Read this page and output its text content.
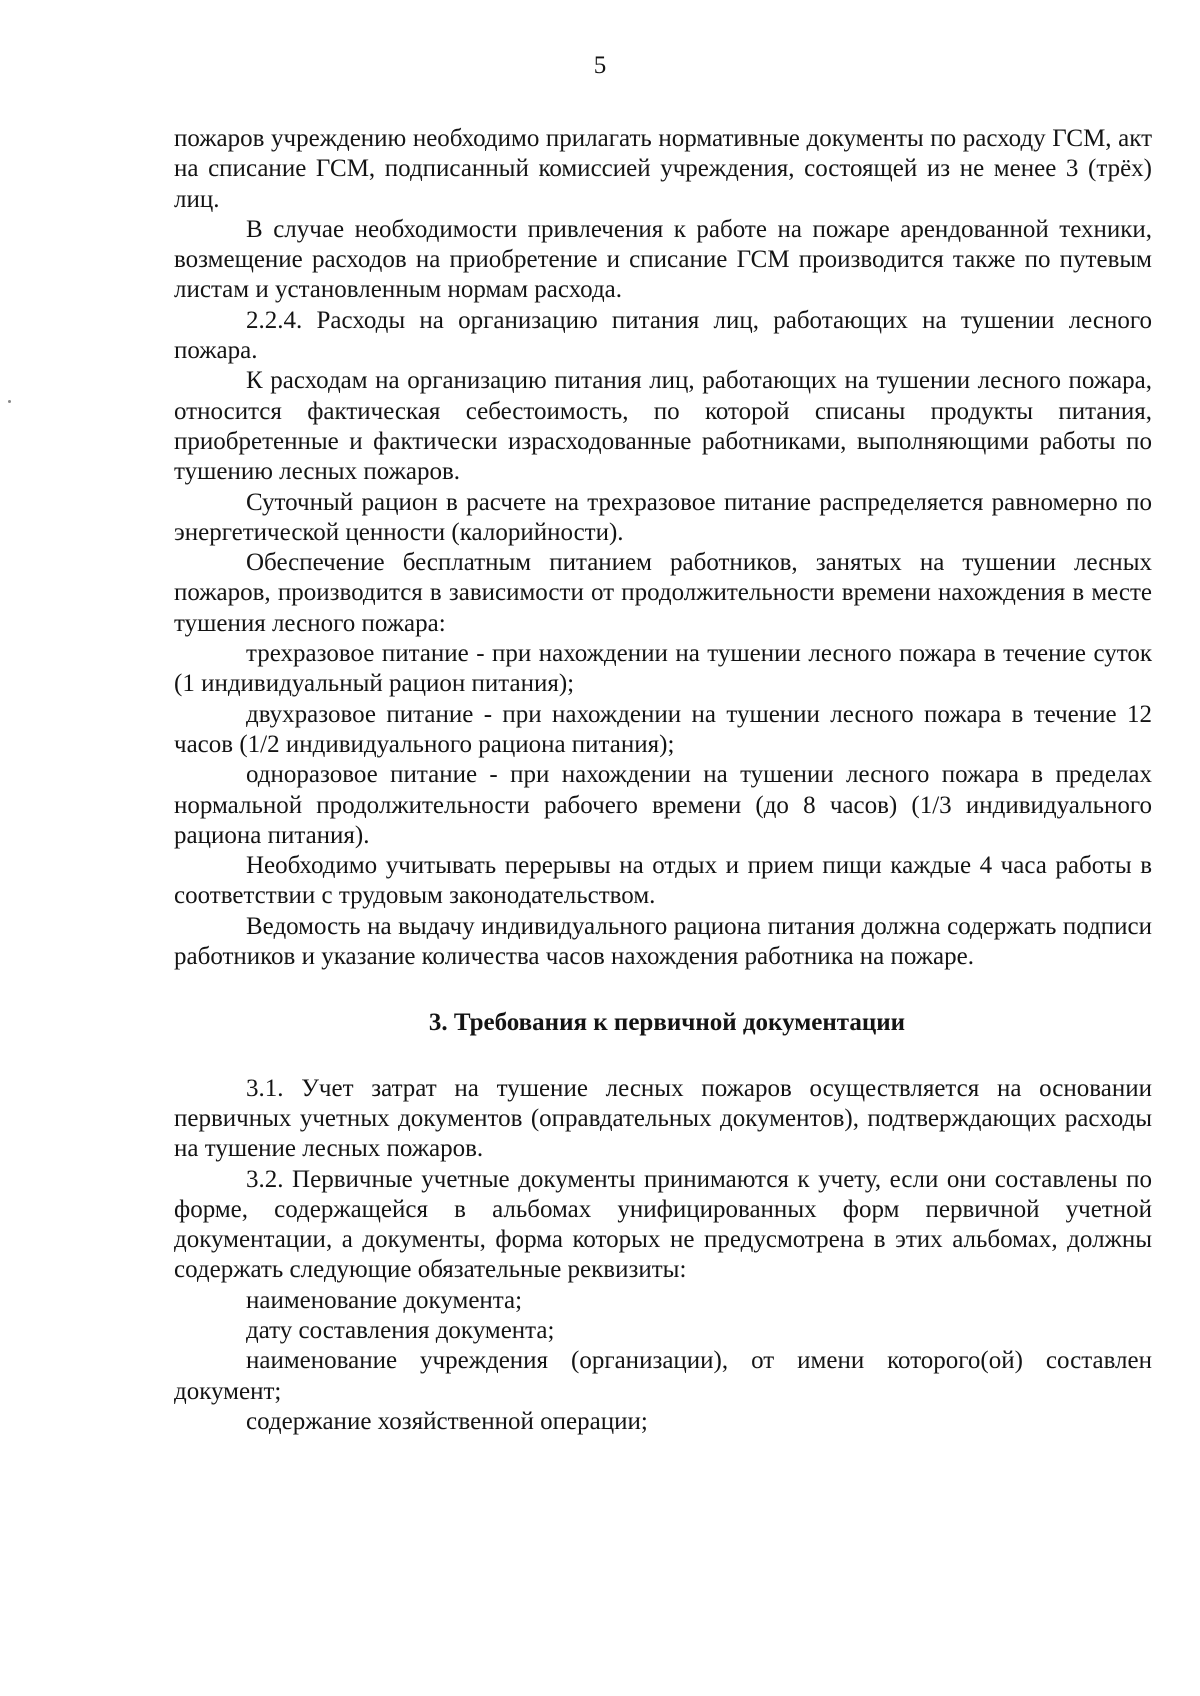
5

пожаров учреждению необходимо прилагать нормативные документы по расходу ГСМ, акт на списание ГСМ, подписанный комиссией учреждения, состоящей из не менее 3 (трёх) лиц.

В случае необходимости привлечения к работе на пожаре арендованной техники, возмещение расходов на приобретение и списание ГСМ производится также по путевым листам и установленным нормам расхода.

2.2.4. Расходы на организацию питания лиц, работающих на тушении лесного пожара.

К расходам на организацию питания лиц, работающих на тушении лесного пожара, относится фактическая себестоимость, по которой списаны продукты питания, приобретенные и фактически израсходованные работниками, выполняющими работы по тушению лесных пожаров.

Суточный рацион в расчете на трехразовое питание распределяется равномерно по энергетической ценности (калорийности).

Обеспечение бесплатным питанием работников, занятых на тушении лесных пожаров, производится в зависимости от продолжительности времени нахождения в месте тушения лесного пожара:

трехразовое питание - при нахождении на тушении лесного пожара в течение суток (1 индивидуальный рацион питания);

двухразовое питание - при нахождении на тушении лесного пожара в течение 12 часов (1/2 индивидуального рациона питания);

одноразовое питание - при нахождении на тушении лесного пожара в пределах нормальной продолжительности рабочего времени (до 8 часов) (1/3 индивидуального рациона питания).

Необходимо учитывать перерывы на отдых и прием пищи каждые 4 часа работы в соответствии с трудовым законодательством.

Ведомость на выдачу индивидуального рациона питания должна содержать подписи работников и указание количества часов нахождения работника на пожаре.

3. Требования к первичной документации

3.1. Учет затрат на тушение лесных пожаров осуществляется на основании первичных учетных документов (оправдательных документов), подтверждающих расходы на тушение лесных пожаров.

3.2. Первичные учетные документы принимаются к учету, если они составлены по форме, содержащейся в альбомах унифицированных форм первичной учетной документации, а документы, форма которых не предусмотрена в этих альбомах, должны содержать следующие обязательные реквизиты:

наименование документа;

дату составления документа;

наименование учреждения (организации), от имени которого(ой) составлен документ;

содержание хозяйственной операции;
